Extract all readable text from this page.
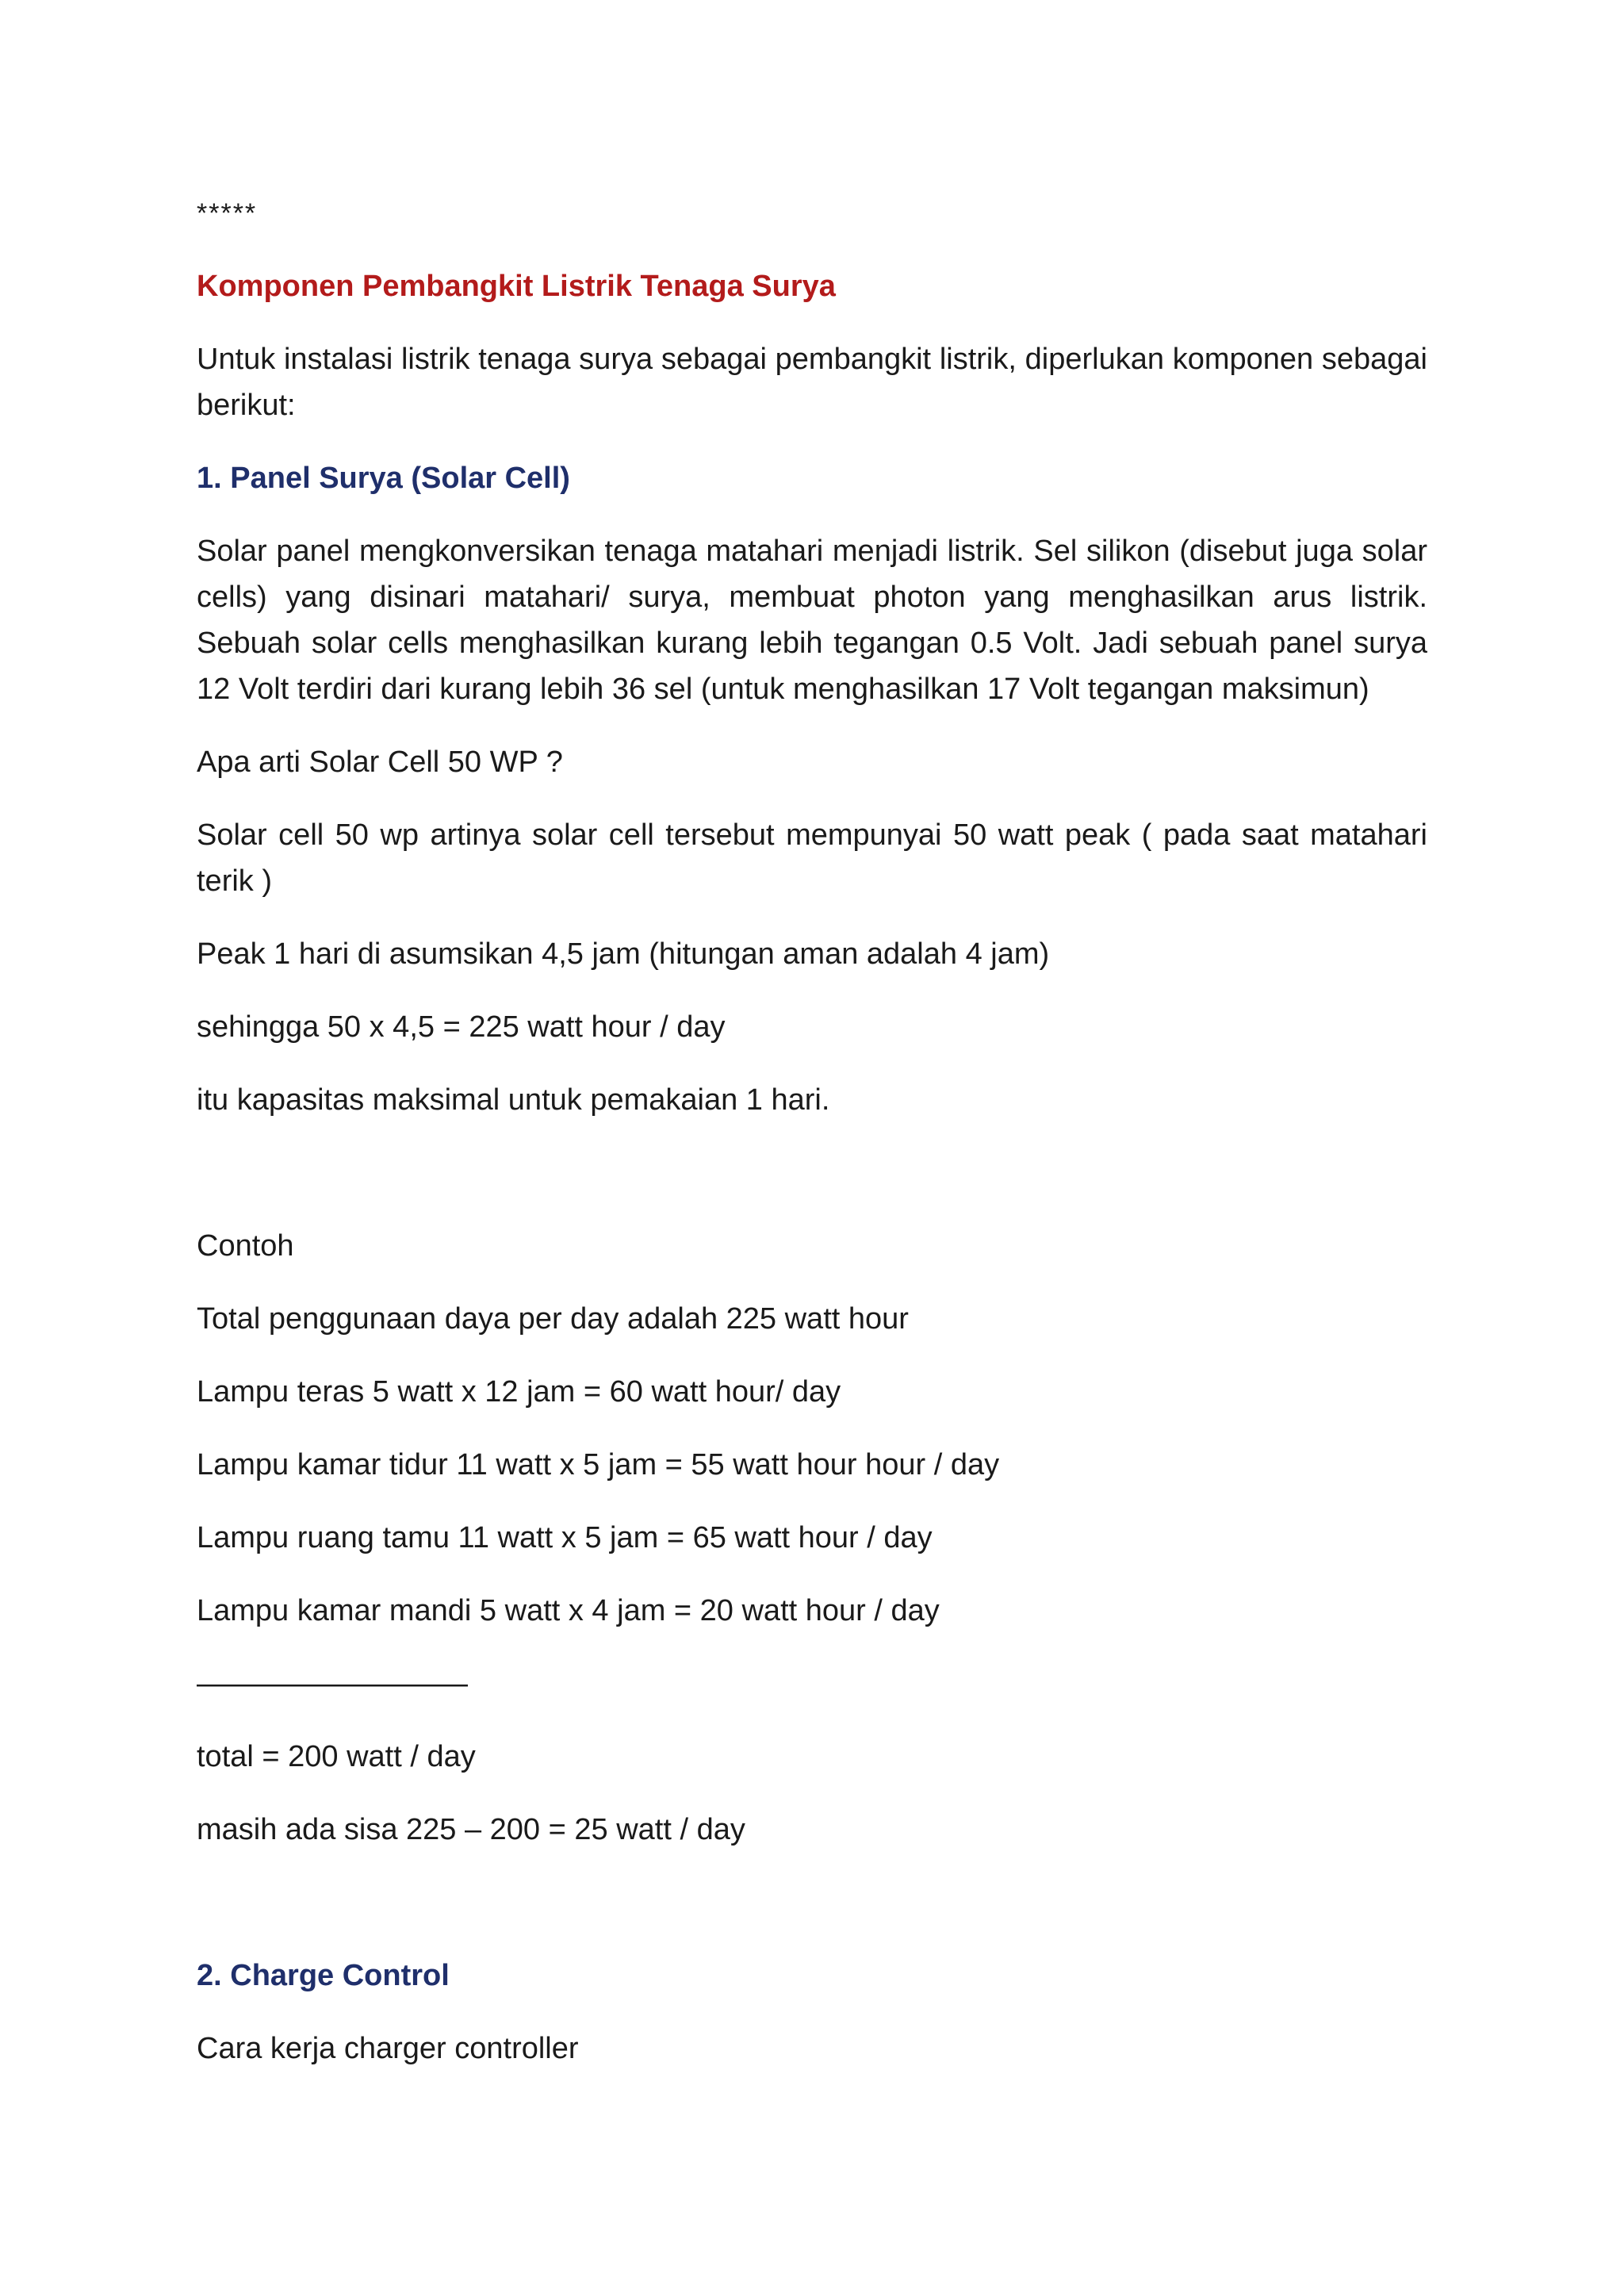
*****

Komponen Pembangkit Listrik Tenaga Surya

Untuk instalasi listrik tenaga surya sebagai pembangkit listrik, diperlukan komponen sebagai berikut:

1. Panel Surya (Solar Cell)

Solar panel mengkonversikan tenaga matahari menjadi listrik. Sel silikon (disebut juga solar cells) yang disinari matahari/ surya, membuat photon yang menghasilkan arus listrik. Sebuah solar cells menghasilkan kurang lebih tegangan 0.5 Volt. Jadi sebuah panel surya 12 Volt terdiri dari kurang lebih 36 sel (untuk menghasilkan 17 Volt tegangan maksimun)

Apa arti Solar Cell 50 WP ?

Solar cell 50 wp artinya solar cell tersebut mempunyai 50 watt peak ( pada saat matahari terik )

Peak 1 hari di asumsikan 4,5 jam (hitungan aman adalah 4 jam)

sehingga 50 x 4,5 = 225 watt hour / day

itu kapasitas maksimal untuk pemakaian 1 hari.

Contoh

Total penggunaan daya per day adalah 225 watt hour

Lampu teras 5 watt x 12 jam = 60 watt hour/ day

Lampu kamar tidur 11 watt x 5 jam = 55 watt hour hour / day

Lampu ruang tamu 11 watt x 5 jam = 65 watt hour / day

Lampu kamar mandi 5 watt x 4 jam = 20 watt hour / day

—————————

total = 200 watt / day

masih ada sisa 225 – 200 = 25 watt / day

2. Charge Control

Cara kerja charger controller
